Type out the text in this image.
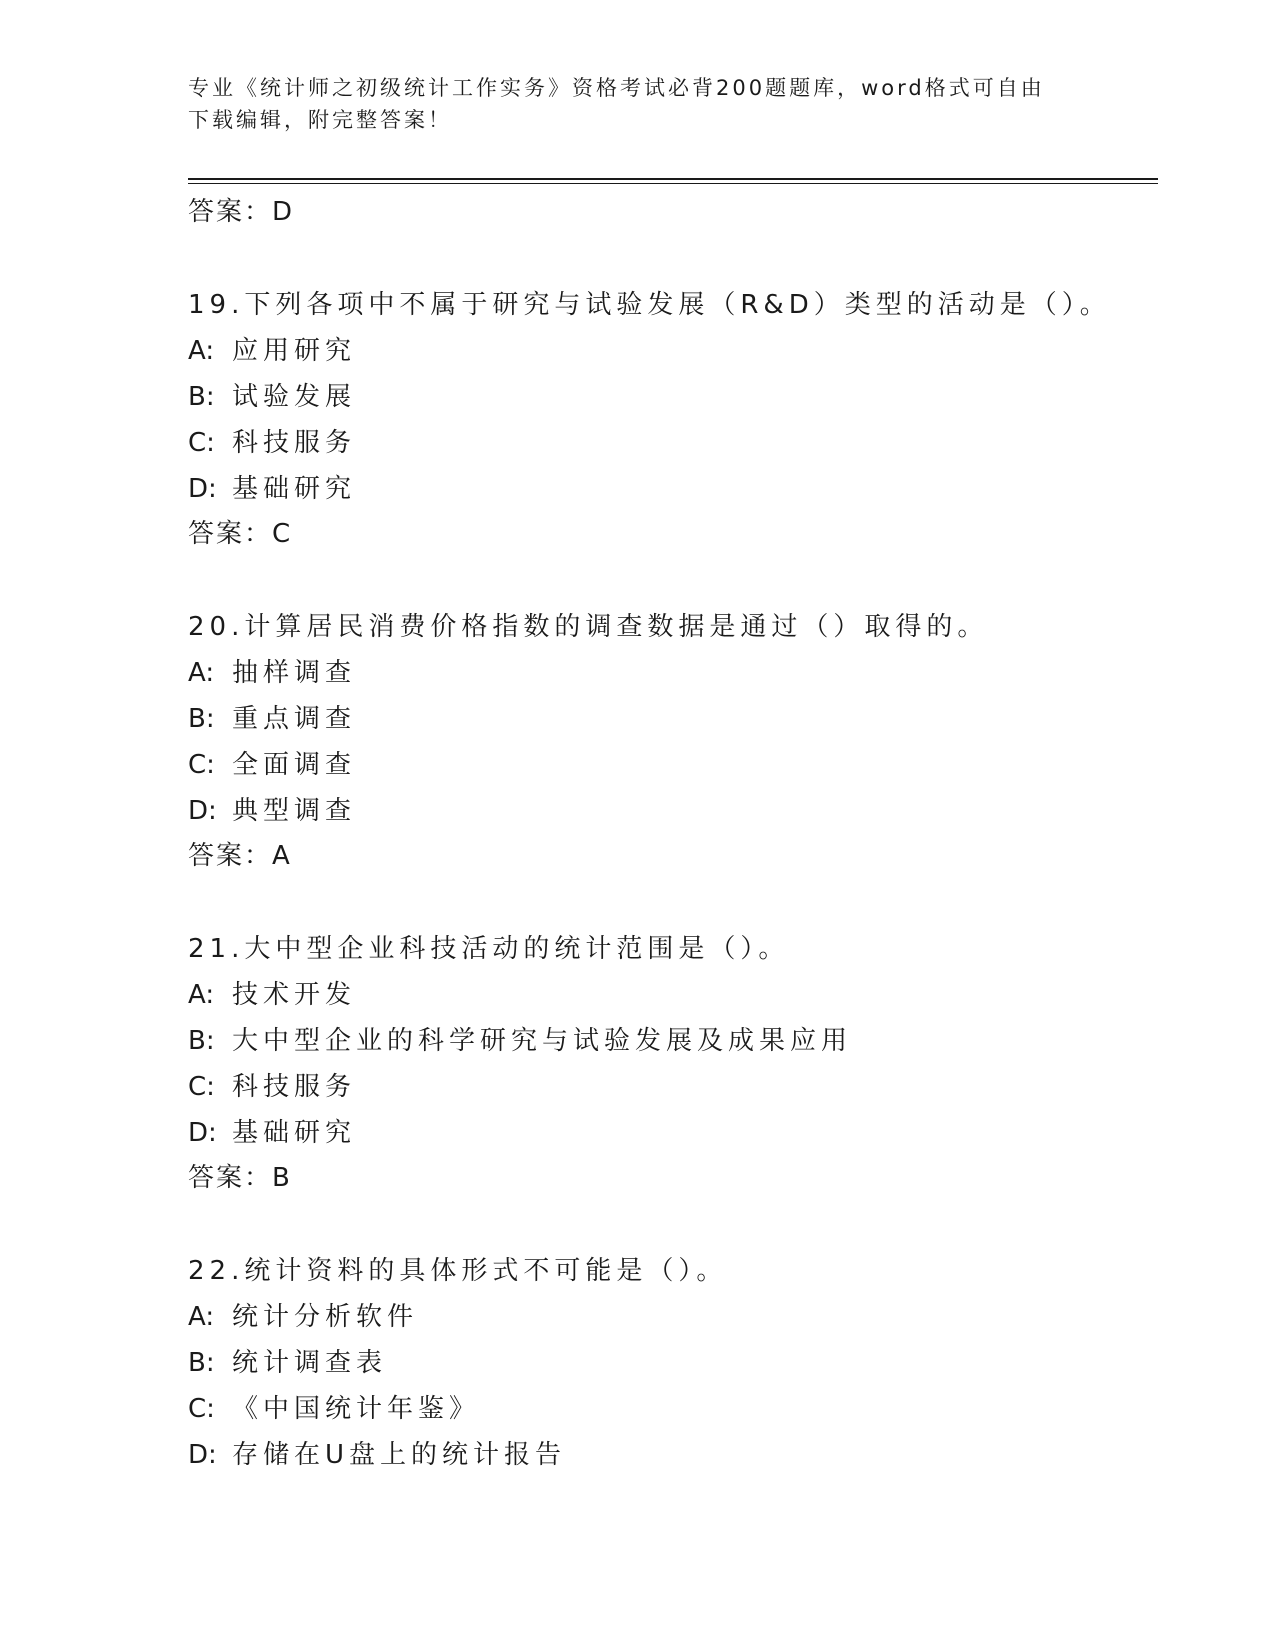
专业《统计师之初级统计工作实务》资格考试必背200题题库，word格式可自由
下载编辑，附完整答案！
答案：D
19.下列各项中不属于研究与试验发展（R&D）类型的活动是（）。
A: 应用研究
B: 试验发展
C: 科技服务
D: 基础研究
答案：C
20.计算居民消费价格指数的调查数据是通过（）取得的。
A: 抽样调查
B: 重点调查
C: 全面调查
D: 典型调查
答案：A
21.大中型企业科技活动的统计范围是（）。
A: 技术开发
B: 大中型企业的科学研究与试验发展及成果应用
C: 科技服务
D: 基础研究
答案：B
22.统计资料的具体形式不可能是（）。
A: 统计分析软件
B: 统计调查表
C: 《中国统计年鉴》
D: 存储在U盘上的统计报告
